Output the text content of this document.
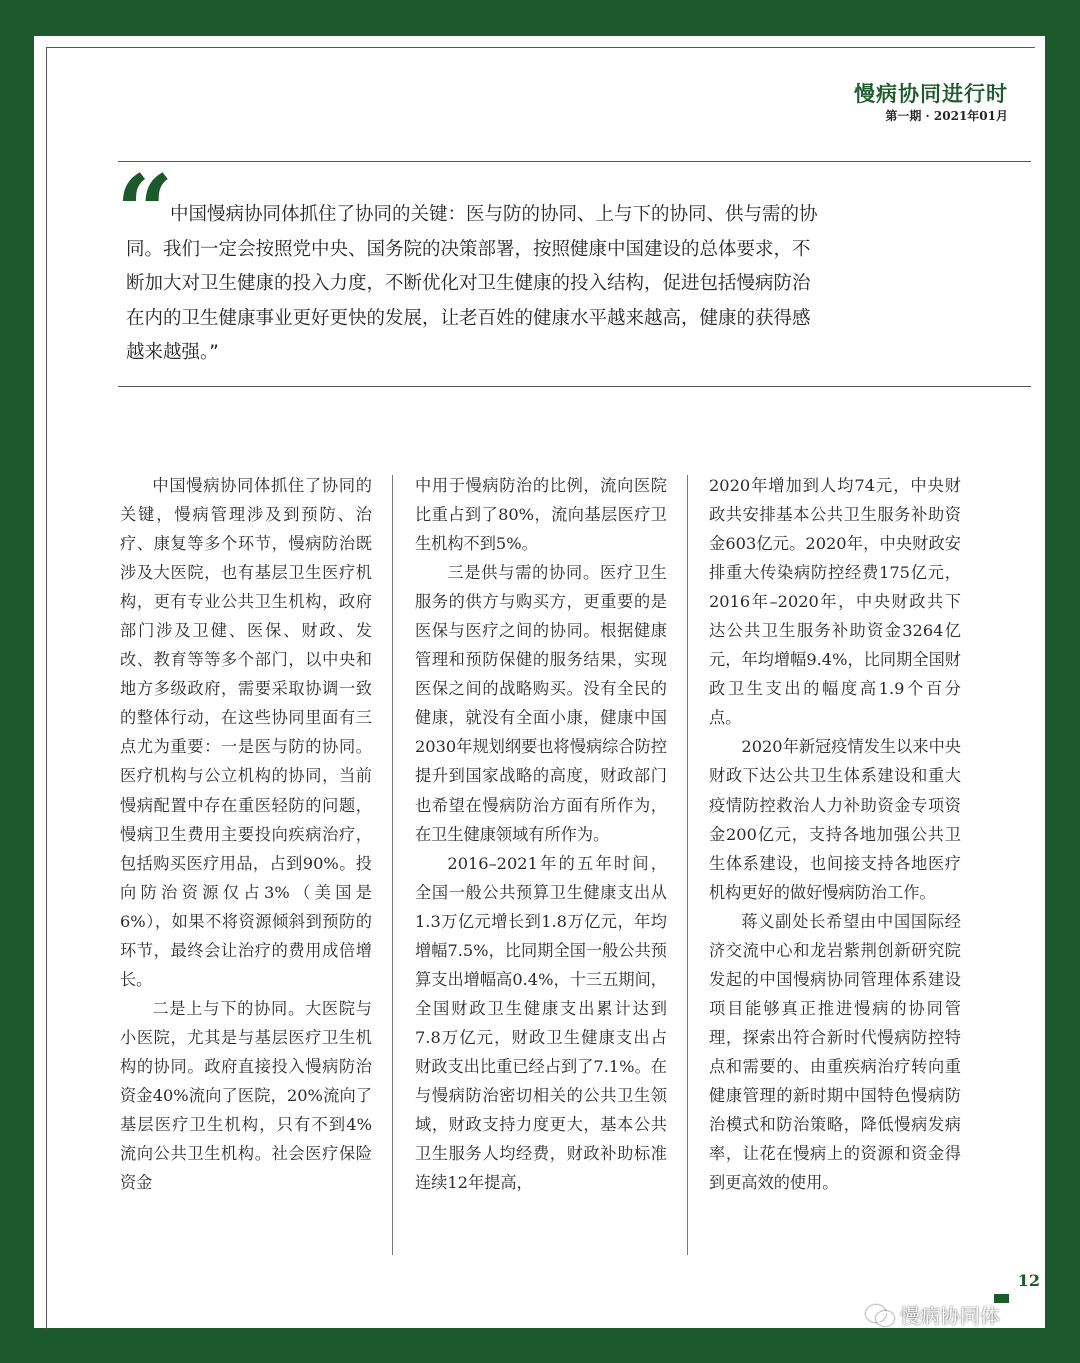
慢病协同进行时
第一期 · 2021年01月
“
中国慢病协同体抓住了协同的关键：医与防的协同、上与下的协同、供与需的协同。我们一定会按照党中央、国务院的决策部署，按照健康中国建设的总体要求，不断加大对卫生健康的投入力度，不断优化对卫生健康的投入结构，促进包括慢病防治在内的卫生健康事业更好更快的发展，让老百姓的健康水平越来越高，健康的获得感越来越强。”

中国慢病协同体抓住了协同的关键，慢病管理涉及到预防、治疗、康复等多个环节，慢病防治既涉及大医院，也有基层卫生医疗机构，更有专业公共卫生机构，政府部门涉及卫健、医保、财政、发改、教育等等多个部门，以中央和地方多级政府，需要采取协调一致的整体行动，在这些协同里面有三点尤为重要：一是医与防的协同。医疗机构与公立机构的协同，当前慢病配置中存在重医轻防的问题，慢病卫生费用主要投向疾病治疗，包括购买医疗用品，占到90%。投向防治资源仅占3%（美国是6%），如果不将资源倾斜到预防的环节，最终会让治疗的费用成倍增长。

二是上与下的协同。大医院与小医院，尤其是与基层医疗卫生机构的协同。政府直接投入慢病防治资金40%流向了医院，20%流向了基层医疗卫生机构，只有不到4%流向公共卫生机构。社会医疗保险资金

中用于慢病防治的比例，流向医院比重占到了80%，流向基层医疗卫生机构不到5%。

三是供与需的协同。医疗卫生服务的供方与购买方，更重要的是医保与医疗之间的协同。根据健康管理和预防保健的服务结果，实现医保之间的战略购买。没有全民的健康，就没有全面小康，健康中国2030年规划纲要也将慢病综合防控提升到国家战略的高度，财政部门也希望在慢病防治方面有所作为，在卫生健康领域有所作为。

2016–2021年的五年时间，全国一般公共预算卫生健康支出从1.3万亿元增长到1.8万亿元，年均增幅7.5%，比同期全国一般公共预算支出增幅高0.4%，十三五期间，全国财政卫生健康支出累计达到7.8万亿元，财政卫生健康支出占财政支出比重已经占到了7.1%。在与慢病防治密切相关的公共卫生领域，财政支持力度更大，基本公共卫生服务人均经费，财政补助标准连续12年提高，

2020年增加到人均74元，中央财政共安排基本公共卫生服务补助资金603亿元。2020年，中央财政安排重大传染病防控经费175亿元，2016年–2020年，中央财政共下达公共卫生服务补助资金3264亿元，年均增幅9.4%，比同期全国财政卫生支出的幅度高1.9个百分点。

2020年新冠疫情发生以来中央财政下达公共卫生体系建设和重大疫情防控救治人力补助资金专项资金200亿元，支持各地加强公共卫生体系建设，也间接支持各地医疗机构更好的做好慢病防治工作。

蒋义副处长希望由中国国际经济交流中心和龙岩紫荆创新研究院发起的中国慢病协同管理体系建设项目能够真正推进慢病的协同管理，探索出符合新时代慢病防控特点和需要的、由重疾病治疗转向重健康管理的新时期中国特色慢病防治模式和防治策略，降低慢病发病率，让花在慢病上的资源和资金得到更高效的使用。

12
慢病协同体
